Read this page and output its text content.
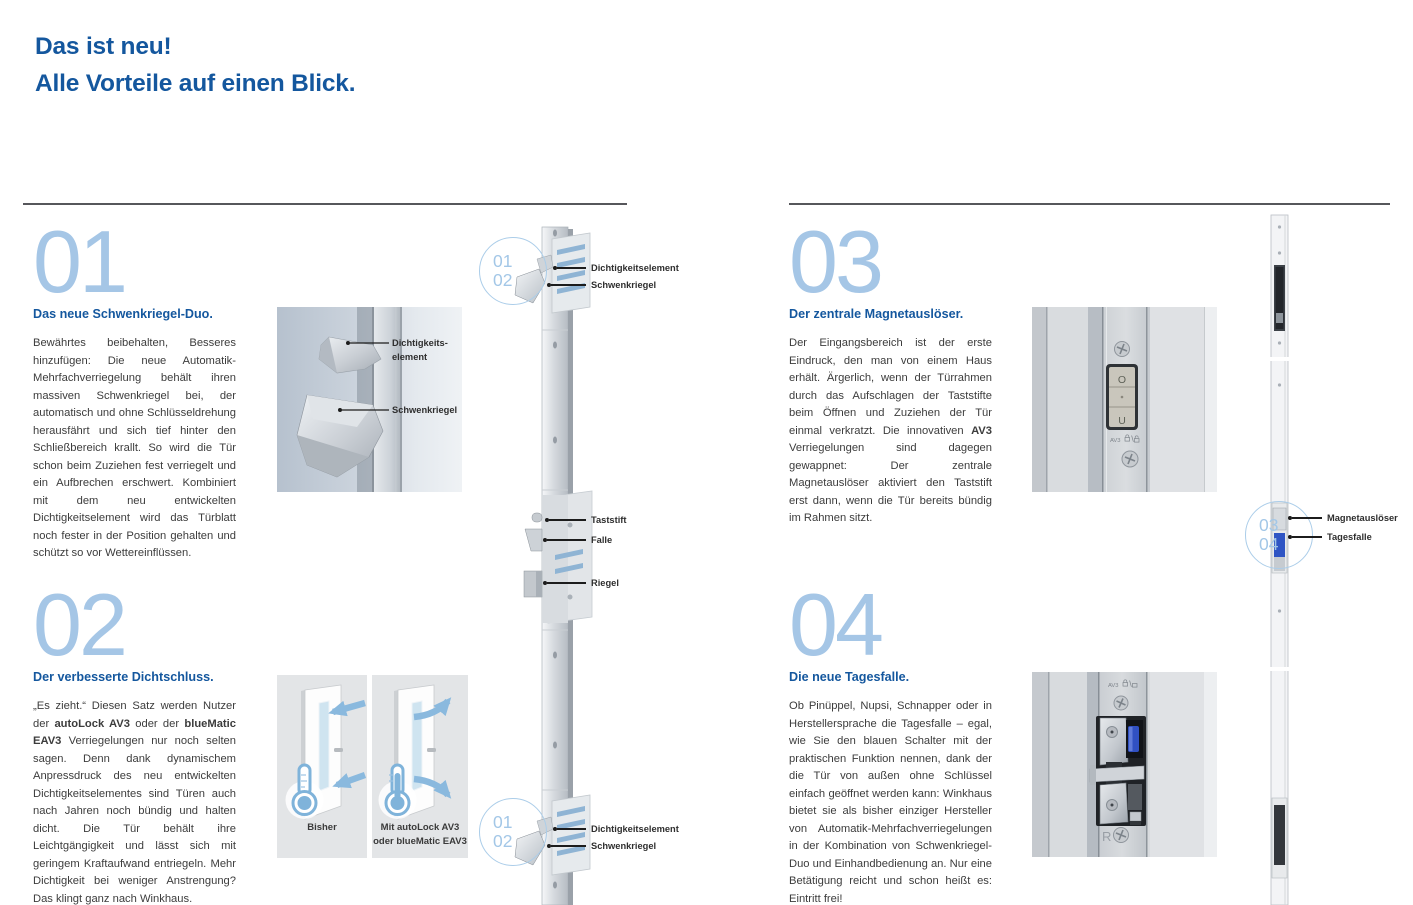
Das ist neu!
Alle Vorteile auf einen Blick.
01
Das neue Schwenkriegel-Duo.

Bewährtes beibehalten, Besseres hinzufügen: Die neue Automatik-Mehrfachverriegelung behält ihren massiven Schwenkriegel bei, der automatisch und ohne Schlüsseldrehung herausfährt und sich tief hinter den Schließbereich krallt. So wird die Tür schon beim Zuziehen fest verriegelt und ein Aufbrechen erschwert. Kombiniert mit dem neu entwickelten Dichtigkeitselement wird das Türblatt noch fester in der Position gehalten und schützt so vor Wettereinflüssen.

02
Der verbesserte Dichtschluss.

„Es zieht.“ Diesen Satz werden Nutzer der autoLock AV3 oder der blueMatic EAV3 Verriegelungen nur noch selten sagen. Denn dank dynamischem Anpressdruck des neu entwickelten Dichtigkeitselementes sind Türen auch nach Jahren noch bündig und halten dicht. Die Tür behält ihre Leichtgängigkeit und lässt sich mit geringem Kraftaufwand entriegeln. Mehr Dichtigkeit bei weniger Anstrengung? Das klingt ganz nach Winkhaus.

03
Der zentrale Magnetauslöser.

Der Eingangsbereich ist der erste Eindruck, den man von einem Haus erhält. Ärgerlich, wenn der Türrahmen durch das Aufschlagen der Taststifte beim Öffnen und Zuziehen der Tür einmal verkratzt. Die innovativen AV3 Verriegelungen sind dagegen gewappnet: Der zentrale Magnetauslöser aktiviert den Taststift erst dann, wenn die Tür bereits bündig im Rahmen sitzt.

04
Die neue Tagesfalle.

Ob Pinüppel, Nupsi, Schnapper oder in Herstellersprache die Tagesfalle – egal, wie Sie den blauen Schalter mit der praktischen Funktion nennen, dank der die Tür von außen ohne Schlüssel einfach geöffnet werden kann: Winkhaus bietet sie als bisher einziger Hersteller von Automatik-Mehrfachverriegelungen in der Kombination von Schwenkriegel-Duo und Einhandbedienung an. Nur eine Betätigung reicht und schon heißt es: Eintritt frei!

Dichtigkeits-
element
Schwenkriegel
Bisher	Mit autoLock AV3
oder blueMatic EAV3
O
U
AV3
AV3
R
01
02
01
02
03
04
Dichtigkeitselement
Schwenkriegel
Taststift
Falle
Riegel
Dichtigkeitselement
Schwenkriegel
Magnetauslöser
Tagesfalle
